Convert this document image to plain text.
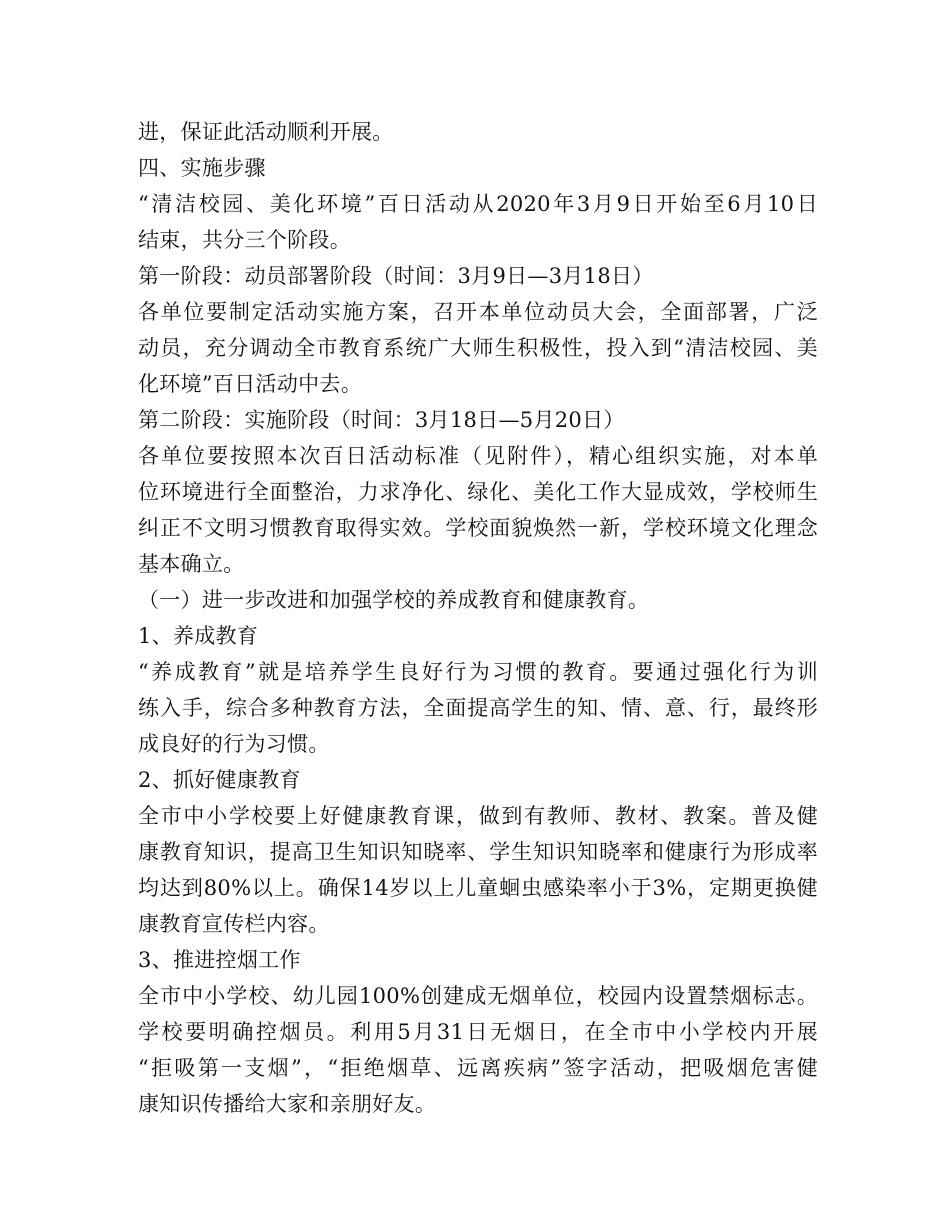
进，保证此活动顺利开展。
四、实施步骤
“清洁校园、美化环境”百日活动从2020年3月9日开始至6月10日
结束，共分三个阶段。
第一阶段：动员部署阶段（时间：3月9日—3月18日）
各单位要制定活动实施方案，召开本单位动员大会，全面部署，广泛
动员，充分调动全市教育系统广大师生积极性，投入到“清洁校园、美
化环境”百日活动中去。
第二阶段：实施阶段（时间：3月18日—5月20日）
各单位要按照本次百日活动标准（见附件），精心组织实施，对本单
位环境进行全面整治，力求净化、绿化、美化工作大显成效，学校师生
纠正不文明习惯教育取得实效。学校面貌焕然一新，学校环境文化理念
基本确立。
（一）进一步改进和加强学校的养成教育和健康教育。
1、养成教育
“养成教育”就是培养学生良好行为习惯的教育。要通过强化行为训
练入手，综合多种教育方法，全面提高学生的知、情、意、行，最终形
成良好的行为习惯。
2、抓好健康教育
全市中小学校要上好健康教育课，做到有教师、教材、教案。普及健
康教育知识，提高卫生知识知晓率、学生知识知晓率和健康行为形成率
均达到80%以上。确保14岁以上儿童蛔虫感染率小于3%，定期更换健
康教育宣传栏内容。
3、推进控烟工作
全市中小学校、幼儿园100%创建成无烟单位，校园内设置禁烟标志。
学校要明确控烟员。利用5月31日无烟日，在全市中小学校内开展
“拒吸第一支烟”，“拒绝烟草、远离疾病”签字活动，把吸烟危害健
康知识传播给大家和亲朋好友。
